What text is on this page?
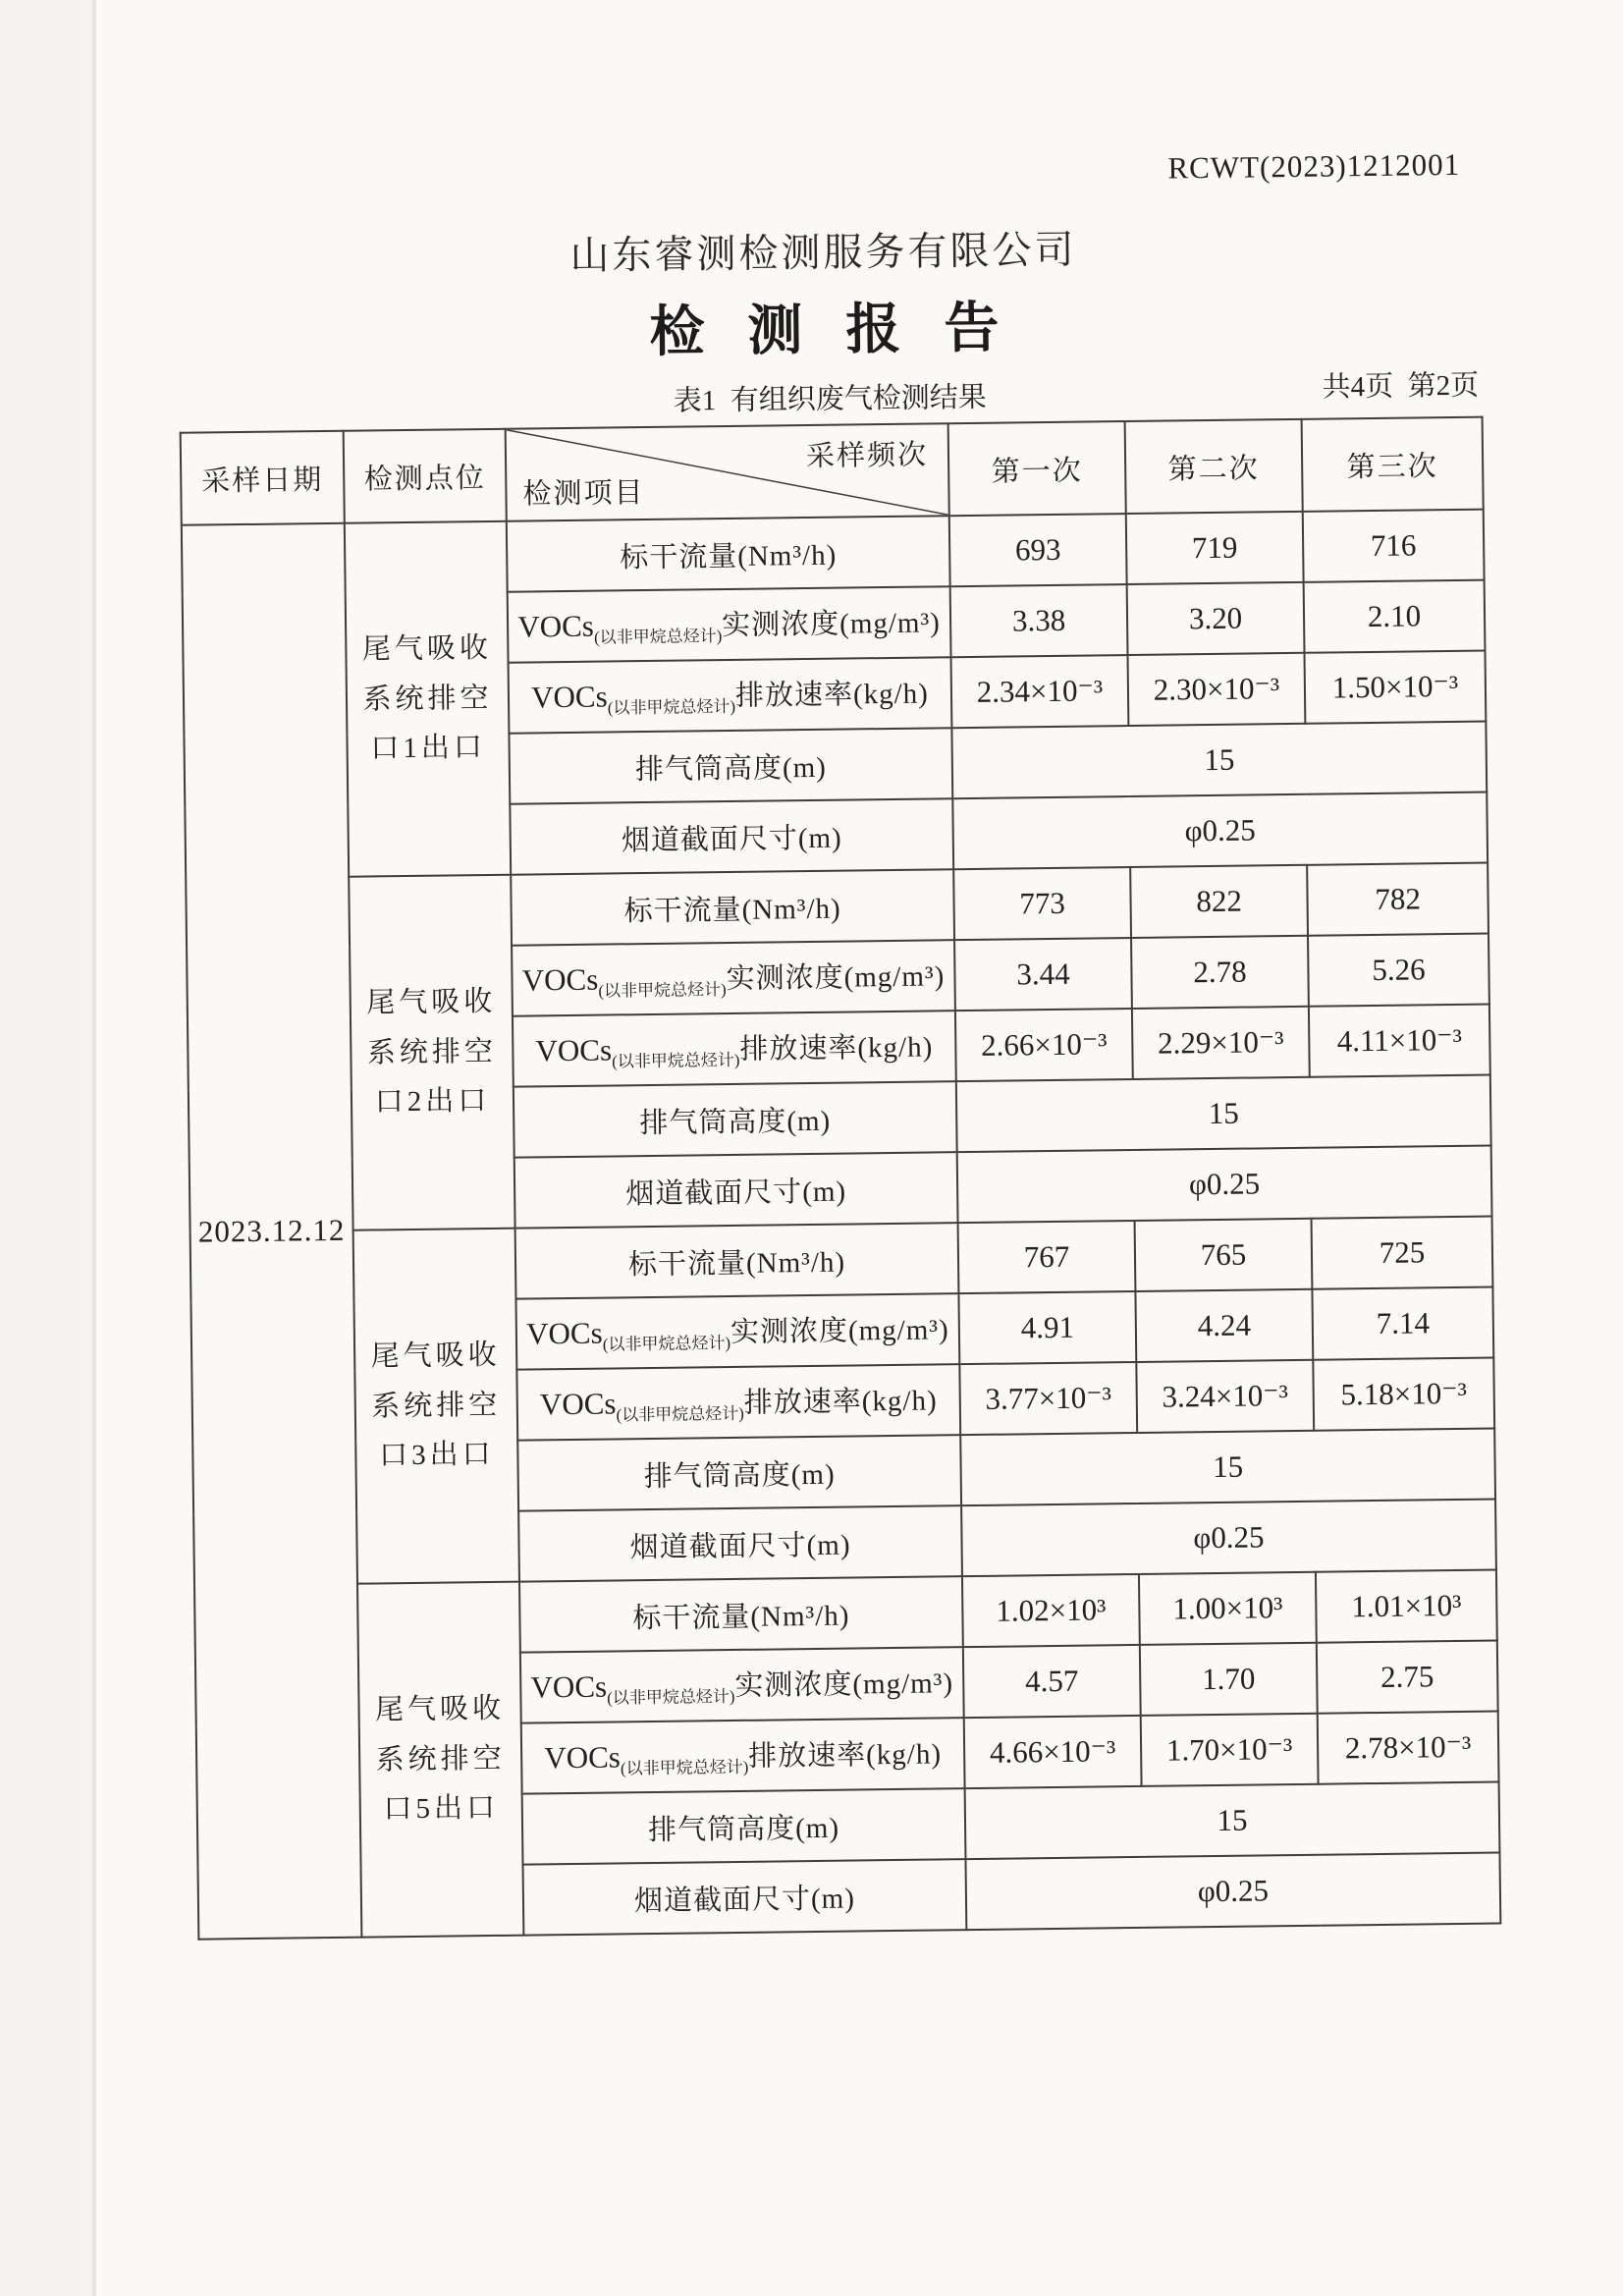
RCWT(2023)1212001
山东睿测检测服务有限公司
检测报告
表1  有组织废气检测结果	共4页  第2页
采样日期	检测点位	采样频次
检测项目	第一次	第二次	第三次
2023.12.12	尾气吸收
系统排空
口1出口	标干流量(Nm³/h)	693	719	716
		VOCs$_{(以非甲烷总烃计)}$实测浓度(mg/m³)	3.38	3.20	2.10
		VOCs$_{(以非甲烷总烃计)}$排放速率(kg/h)	2.34×10⁻³	2.30×10⁻³	1.50×10⁻³
		排气筒高度(m)	15		
		烟道截面尺寸(m)	φ0.25		
	尾气吸收
系统排空
口2出口	标干流量(Nm³/h)	773	822	782
		VOCs$_{(以非甲烷总烃计)}$实测浓度(mg/m³)	3.44	2.78	5.26
		VOCs$_{(以非甲烷总烃计)}$排放速率(kg/h)	2.66×10⁻³	2.29×10⁻³	4.11×10⁻³
		排气筒高度(m)	15		
		烟道截面尺寸(m)	φ0.25		
	尾气吸收
系统排空
口3出口	标干流量(Nm³/h)	767	765	725
		VOCs$_{(以非甲烷总烃计)}$实测浓度(mg/m³)	4.91	4.24	7.14
		VOCs$_{(以非甲烷总烃计)}$排放速率(kg/h)	3.77×10⁻³	3.24×10⁻³	5.18×10⁻³
		排气筒高度(m)	15		
		烟道截面尺寸(m)	φ0.25		
	尾气吸收
系统排空
口5出口	标干流量(Nm³/h)	1.02×10³	1.00×10³	1.01×10³
		VOCs$_{(以非甲烷总烃计)}$实测浓度(mg/m³)	4.57	1.70	2.75
		VOCs$_{(以非甲烷总烃计)}$排放速率(kg/h)	4.66×10⁻³	1.70×10⁻³	2.78×10⁻³
		排气筒高度(m)	15		
		烟道截面尺寸(m)	φ0.25		
